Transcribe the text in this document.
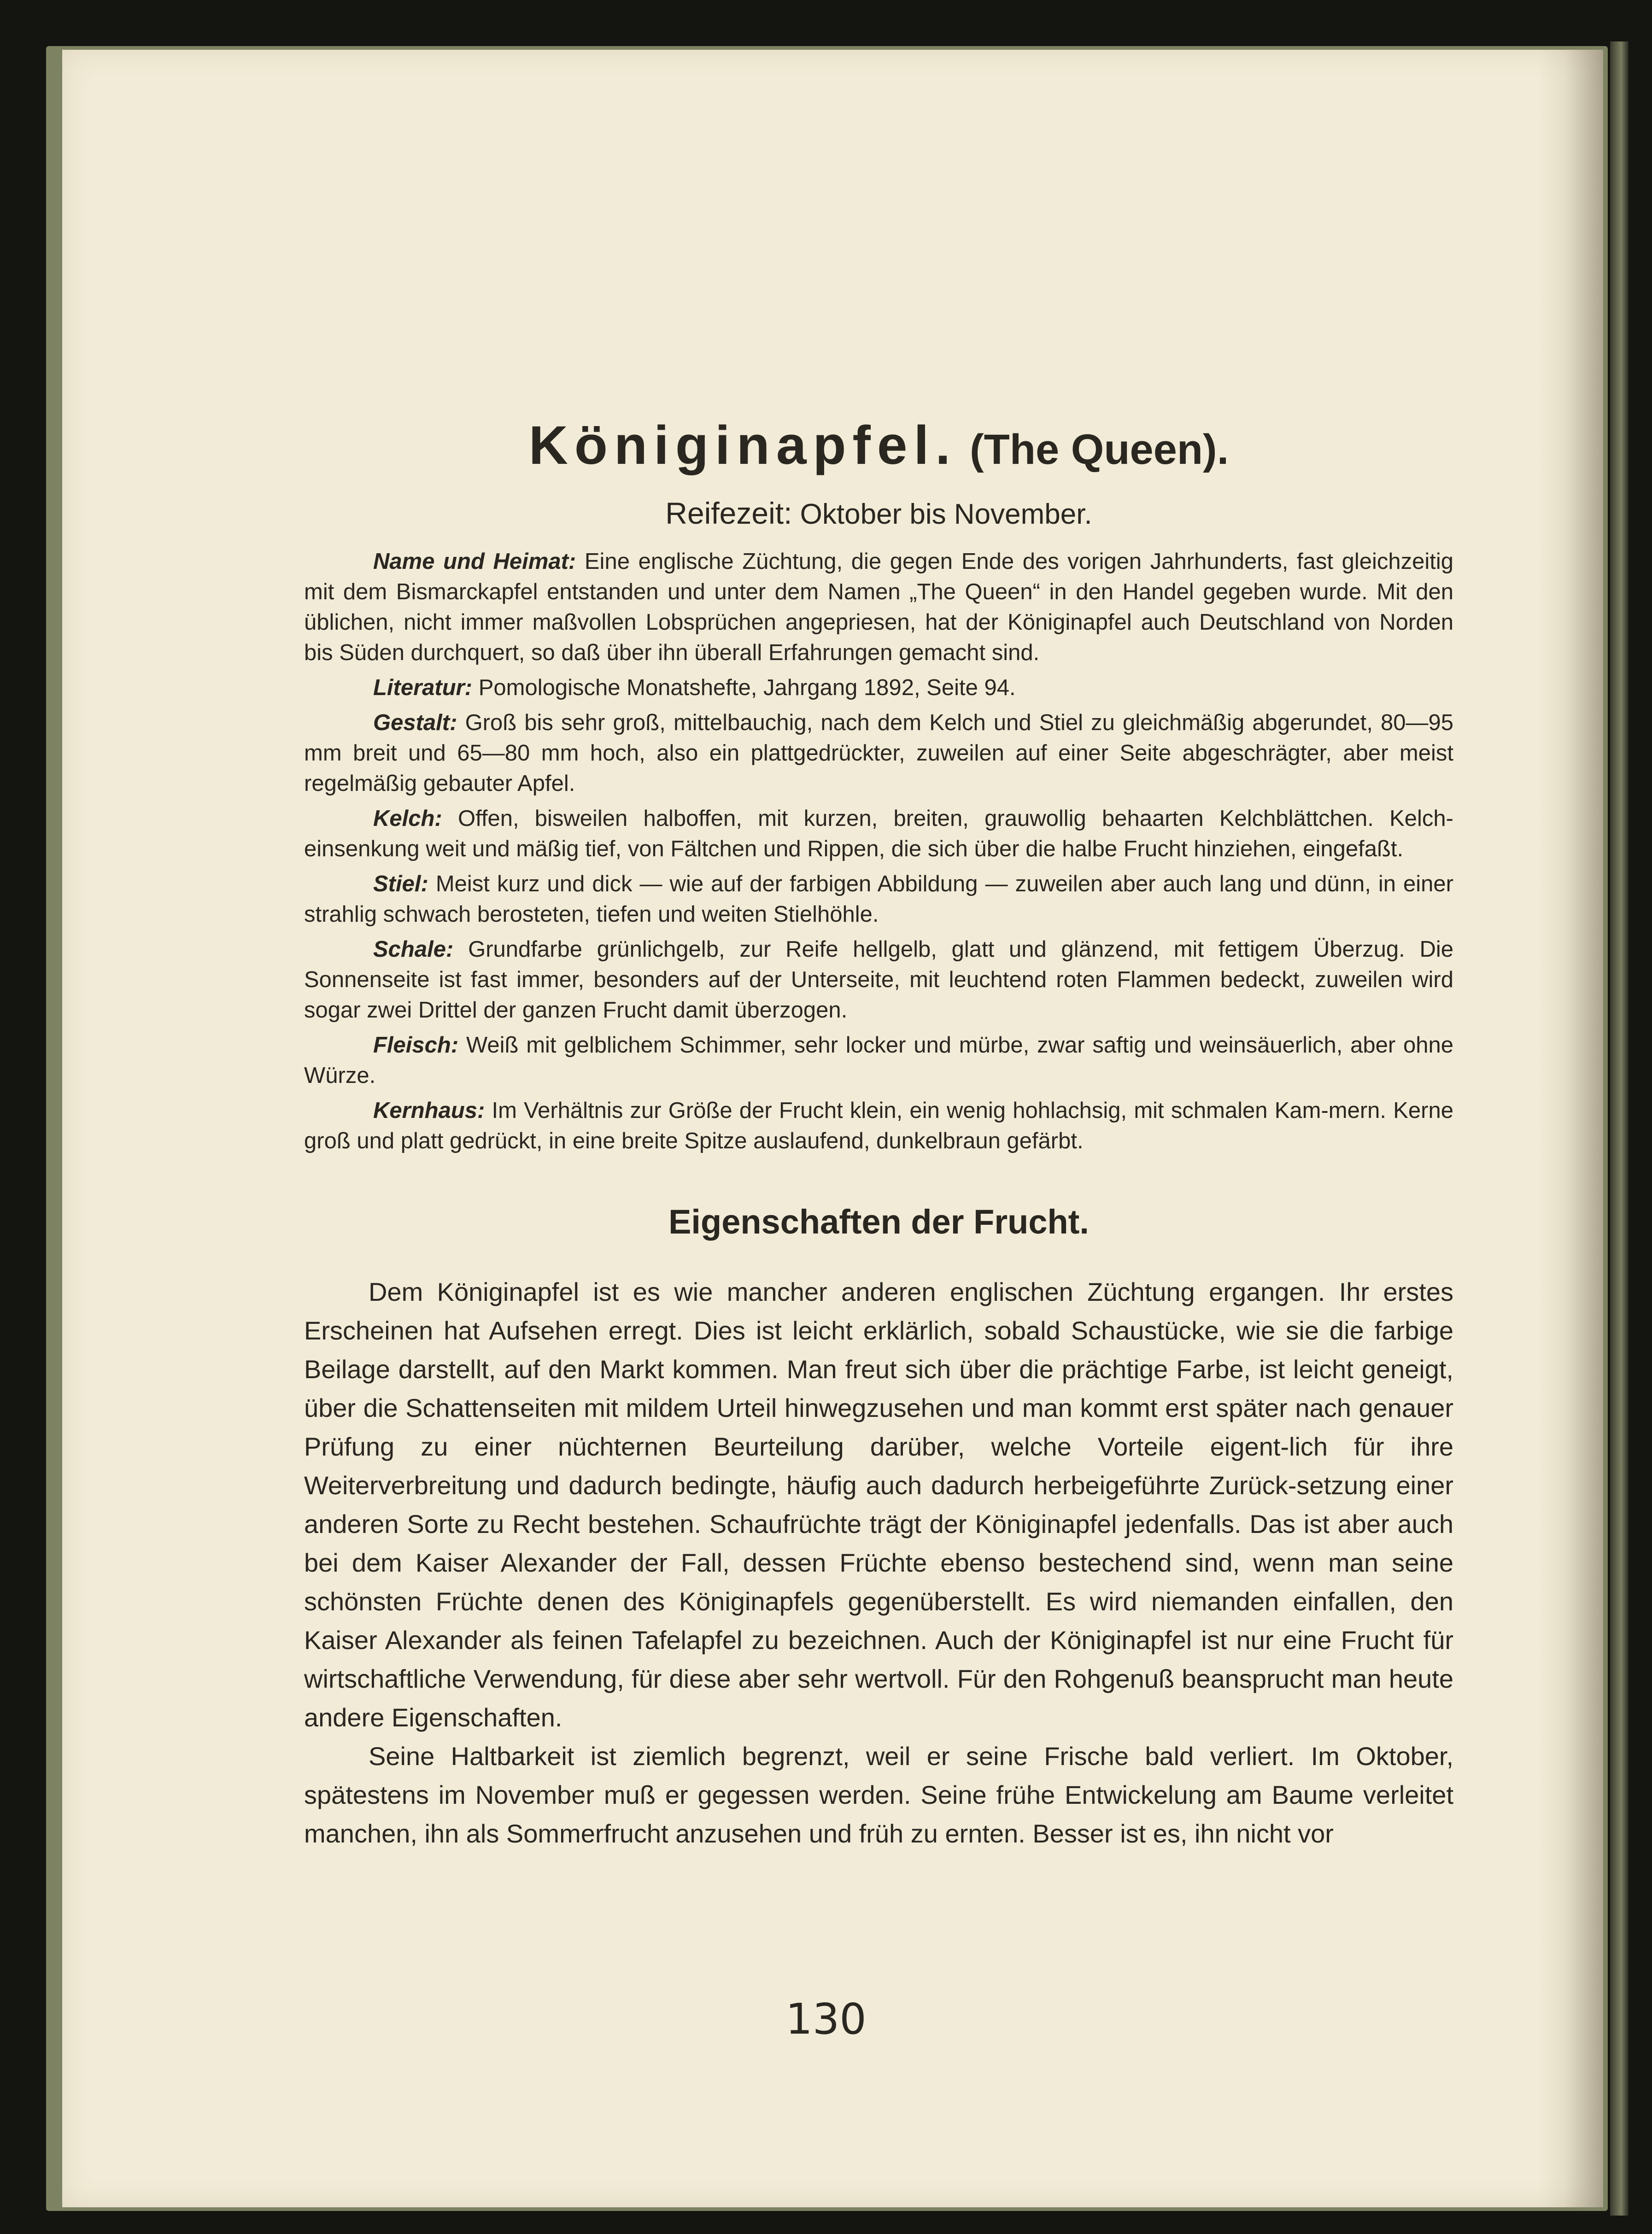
Königinapfel. (The Queen).
Reifezeit: Oktober bis November.

Name und Heimat: Eine englische Züchtung, die gegen Ende des vorigen Jahrhunderts, fast gleichzeitig mit dem Bismarckapfel entstanden und unter dem Namen „The Queen“ in den Handel gegeben wurde. Mit den üblichen, nicht immer maßvollen Lobsprüchen angepriesen, hat der Königinapfel auch Deutschland von Norden bis Süden durchquert, so daß über ihn überall Erfahrungen gemacht sind.

Literatur: Pomologische Monatshefte, Jahrgang 1892, Seite 94.

Gestalt: Groß bis sehr groß, mittelbauchig, nach dem Kelch und Stiel zu gleichmäßig abgerundet, 80—95 mm breit und 65—80 mm hoch, also ein plattgedrückter, zuweilen auf einer Seite abgeschrägter, aber meist regelmäßig gebauter Apfel.

Kelch: Offen, bisweilen halboffen, mit kurzen, breiten, grauwollig behaarten Kelchblättchen. Kelch-einsenkung weit und mäßig tief, von Fältchen und Rippen, die sich über die halbe Frucht hinziehen, eingefaßt.

Stiel: Meist kurz und dick — wie auf der farbigen Abbildung — zuweilen aber auch lang und dünn, in einer strahlig schwach berosteten, tiefen und weiten Stielhöhle.

Schale: Grundfarbe grünlichgelb, zur Reife hellgelb, glatt und glänzend, mit fettigem Überzug. Die Sonnenseite ist fast immer, besonders auf der Unterseite, mit leuchtend roten Flammen bedeckt, zuweilen wird sogar zwei Drittel der ganzen Frucht damit überzogen.

Fleisch: Weiß mit gelblichem Schimmer, sehr locker und mürbe, zwar saftig und weinsäuerlich, aber ohne Würze.

Kernhaus: Im Verhältnis zur Größe der Frucht klein, ein wenig hohlachsig, mit schmalen Kam-mern. Kerne groß und platt gedrückt, in eine breite Spitze auslaufend, dunkelbraun gefärbt.

Eigenschaften der Frucht.

Dem Königinapfel ist es wie mancher anderen englischen Züchtung ergangen. Ihr erstes Erscheinen hat Aufsehen erregt. Dies ist leicht erklärlich, sobald Schaustücke, wie sie die farbige Beilage darstellt, auf den Markt kommen. Man freut sich über die prächtige Farbe, ist leicht geneigt, über die Schattenseiten mit mildem Urteil hinwegzusehen und man kommt erst später nach genauer Prüfung zu einer nüchternen Beurteilung darüber, welche Vorteile eigent-lich für ihre Weiterverbreitung und dadurch bedingte, häufig auch dadurch herbeigeführte Zurück-setzung einer anderen Sorte zu Recht bestehen. Schaufrüchte trägt der Königinapfel jedenfalls. Das ist aber auch bei dem Kaiser Alexander der Fall, dessen Früchte ebenso bestechend sind, wenn man seine schönsten Früchte denen des Königinapfels gegenüberstellt. Es wird niemanden einfallen, den Kaiser Alexander als feinen Tafelapfel zu bezeichnen. Auch der Königinapfel ist nur eine Frucht für wirtschaftliche Verwendung, für diese aber sehr wertvoll. Für den Rohgenuß beansprucht man heute andere Eigenschaften.

Seine Haltbarkeit ist ziemlich begrenzt, weil er seine Frische bald verliert. Im Oktober, spätestens im November muß er gegessen werden. Seine frühe Entwickelung am Baume verleitet manchen, ihn als Sommerfrucht anzusehen und früh zu ernten. Besser ist es, ihn nicht vor

130
